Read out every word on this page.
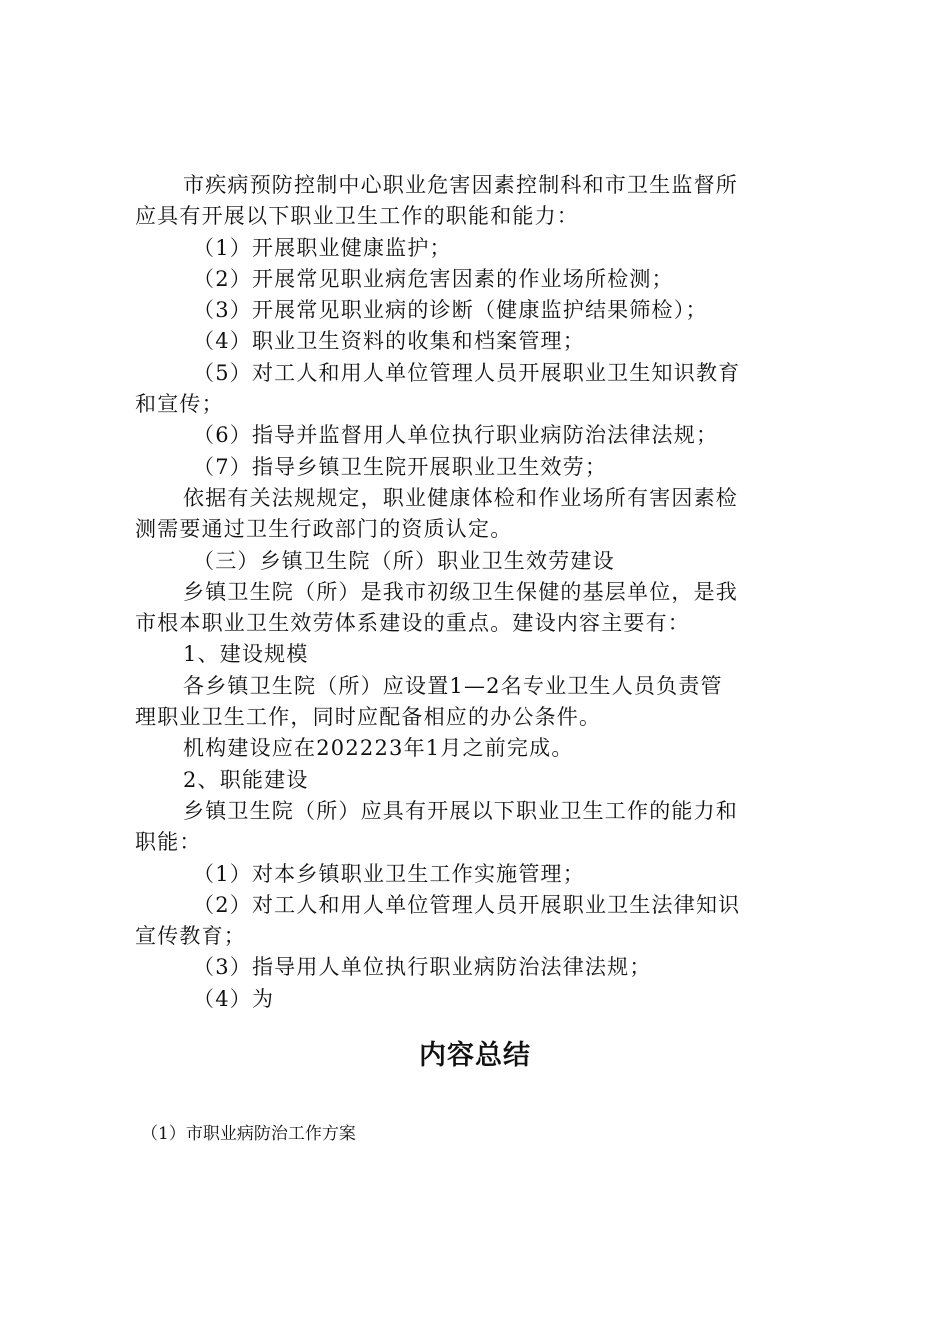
市疾病预防控制中心职业危害因素控制科和市卫生监督所

应具有开展以下职业卫生工作的职能和能力：

（1）开展职业健康监护；

（2）开展常见职业病危害因素的作业场所检测；

（3）开展常见职业病的诊断（健康监护结果筛检）；

（4）职业卫生资料的收集和档案管理；

（5）对工人和用人单位管理人员开展职业卫生知识教育

和宣传；

（6）指导并监督用人单位执行职业病防治法律法规；

（7）指导乡镇卫生院开展职业卫生效劳；

依据有关法规规定，职业健康体检和作业场所有害因素检

测需要通过卫生行政部门的资质认定。

（三）乡镇卫生院（所）职业卫生效劳建设

乡镇卫生院（所）是我市初级卫生保健的基层单位，是我

市根本职业卫生效劳体系建设的重点。建设内容主要有：

1、建设规模

各乡镇卫生院（所）应设置1—2名专业卫生人员负责管

理职业卫生工作，同时应配备相应的办公条件。

机构建设应在202223年1月之前完成。

2、职能建设

乡镇卫生院（所）应具有开展以下职业卫生工作的能力和

职能：

（1）对本乡镇职业卫生工作实施管理；

（2）对工人和用人单位管理人员开展职业卫生法律知识

宣传教育；

（3）指导用人单位执行职业病防治法律法规；

（4）为

内容总结

（1）市职业病防治工作方案
